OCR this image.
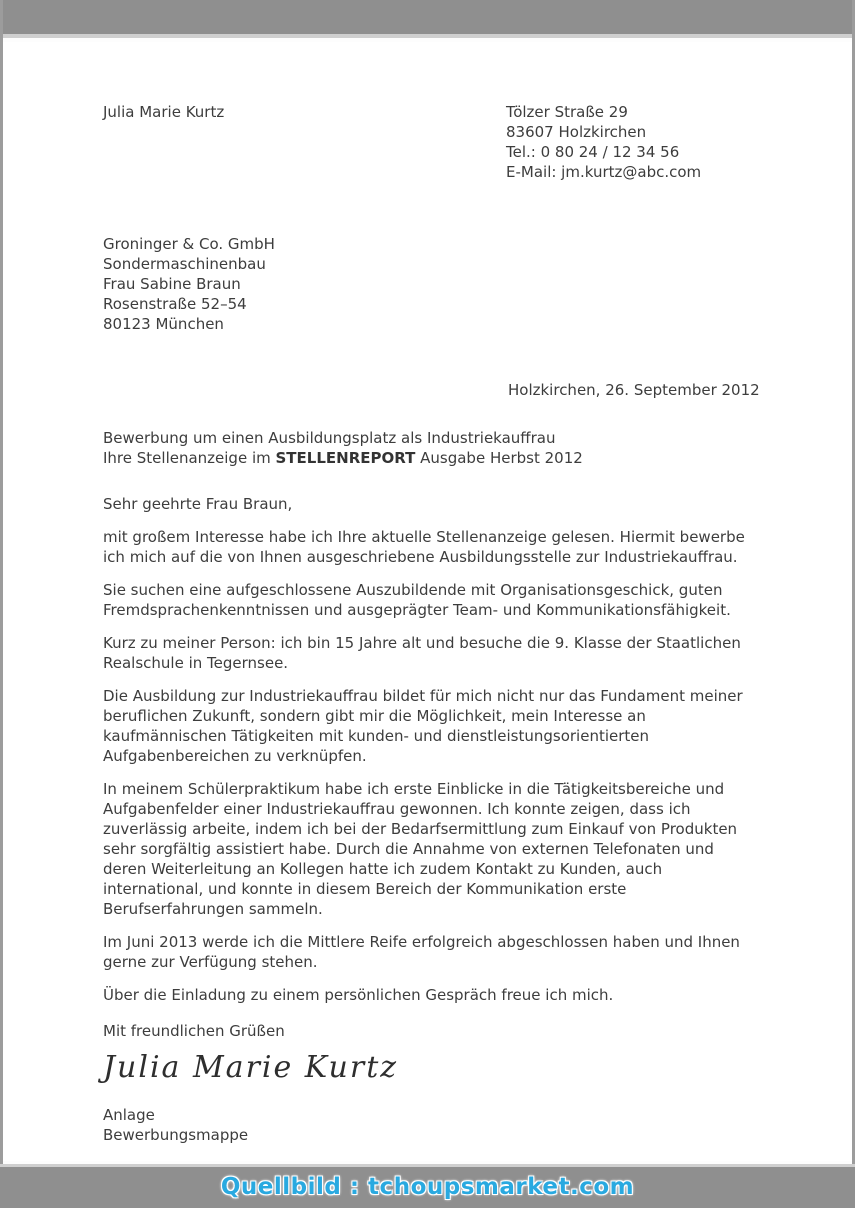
Julia Marie Kurtz	Tölzer Straße 29
83607 Holzkirchen
Tel.: 0 80 24 / 12 34 56
E-Mail: jm.kurtz@abc.com
Groninger & Co. GmbH
Sondermaschinenbau
Frau Sabine Braun
Rosenstraße 52–54
80123 München
Holzkirchen, 26. September 2012
Bewerbung um einen Ausbildungsplatz als Industriekauffrau
Ihre Stellenanzeige im STELLENREPORT Ausgabe Herbst 2012
Sehr geehrte Frau Braun,
mit großem Interesse habe ich Ihre aktuelle Stellenanzeige gelesen. Hiermit bewerbe ich mich auf die von Ihnen ausgeschriebene Ausbildungsstelle zur Industriekauffrau.
Sie suchen eine aufgeschlossene Auszubildende mit Organisationsgeschick, guten Fremdsprachenkenntnissen und ausgeprägter Team- und Kommunikationsfähigkeit.
Kurz zu meiner Person: ich bin 15 Jahre alt und besuche die 9. Klasse der Staatlichen Realschule in Tegernsee.
Die Ausbildung zur Industriekauffrau bildet für mich nicht nur das Fundament meiner beruflichen Zukunft, sondern gibt mir die Möglichkeit, mein Interesse an kaufmännischen Tätigkeiten mit kunden- und dienstleistungsorientierten Aufgabenbereichen zu verknüpfen.
In meinem Schülerpraktikum habe ich erste Einblicke in die Tätigkeitsbereiche und Aufgabenfelder einer Industriekauffrau gewonnen. Ich konnte zeigen, dass ich zuverlässig arbeite, indem ich bei der Bedarfsermittlung zum Einkauf von Produkten sehr sorgfältig assistiert habe. Durch die Annahme von externen Telefonaten und deren Weiterleitung an Kollegen hatte ich zudem Kontakt zu Kunden, auch international, und konnte in diesem Bereich der Kommunikation erste Berufserfahrungen sammeln.
Im Juni 2013 werde ich die Mittlere Reife erfolgreich abgeschlossen haben und Ihnen gerne zur Verfügung stehen.
Über die Einladung zu einem persönlichen Gespräch freue ich mich.
Mit freundlichen Grüßen
Julia Marie Kurtz
Anlage
Bewerbungsmappe
Quellbild : tchoupsmarket.com
